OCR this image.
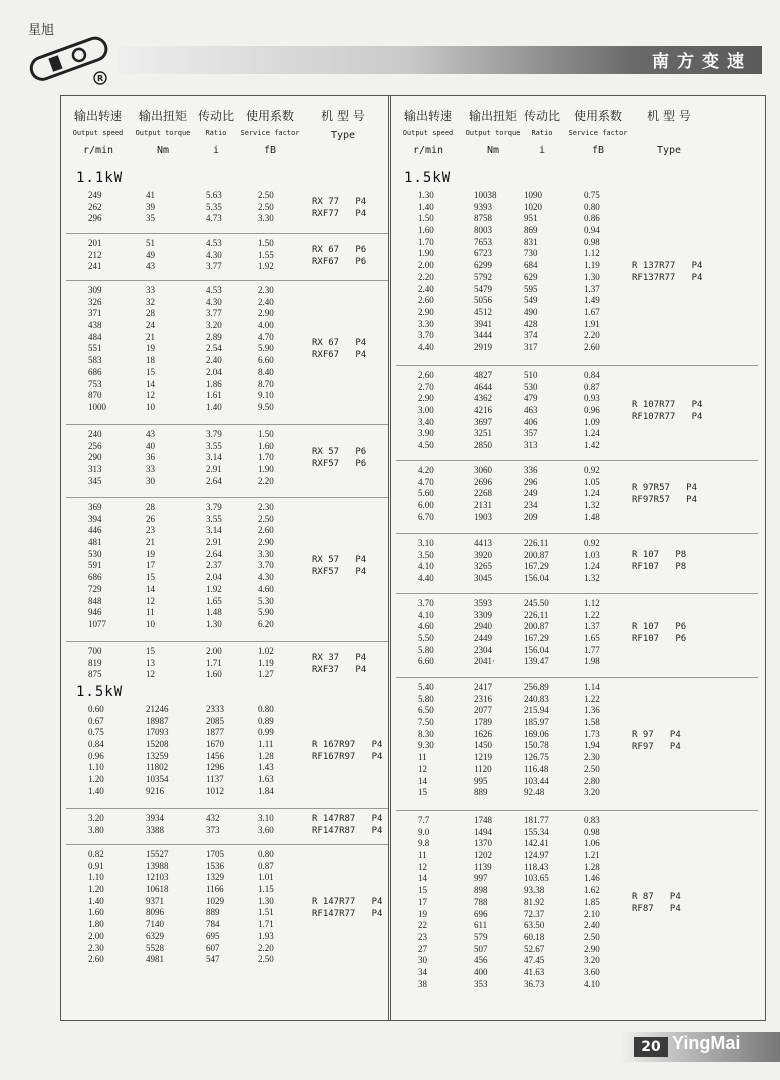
星旭
R
南方变速
输出转速
Output speed
r/min
输出扭矩
Output torque
Nm
传动比
Ratio
i
使用系数
Service factor
fB
机 型 号
Type
输出转速
Output speed
r/min
输出扭矩
Output torque
Nm
传动比
Ratio
i
使用系数
Service factor
fB
机 型 号

Type
1.1kW
1.5kW
1.5kW
249	41	5.63	2.50
262	39	5.35	2.50
296	35	4.73	3.30
RX 77   P4
RXF77   P4
201	51	4.53	1.50
212	49	4.30	1.55
241	43	3.77	1.92
RX 67   P6
RXF67   P6
309	33	4.53	2.30
326	32	4.30	2.40
371	28	3.77	2.90
438	24	3.20	4.00
484	21	2.89	4.70
551	19	2.54	5.90
583	18	2.40	6.60
686	15	2.04	8.40
753	14	1.86	8.70
870	12	1.61	9.10
1000	10	1.40	9.50
RX 67   P4
RXF67   P4
240	43	3.79	1.50
256	40	3.55	1.60
290	36	3.14	1.70
313	33	2.91	1.90
345	30	2.64	2.20
RX 57   P6
RXF57   P6
369	28	3.79	2.30
394	26	3.55	2.50
446	23	3.14	2.60
481	21	2.91	2.90
530	19	2.64	3.30
591	17	2.37	3.70
686	15	2.04	4.30
729	14	1.92	4.60
848	12	1.65	5.30
946	11	1.48	5.90
1077	10	1.30	6.20
RX 57   P4
RXF57   P4
700	15	2.00	1.02
819	13	1.71	1.19
875	12	1.60	1.27
RX 37   P4
RXF37   P4
0.60	21246	2333	0.80
0.67	18987	2085	0.89
0.75	17093	1877	0.99
0.84	15208	1670	1.11
0.96	13259	1456	1.28
1.10	11802	1296	1.43
1.20	10354	1137	1.63
1.40	9216	1012	1.84
R 167R97   P4
RF167R97   P4
3.20	3934	432	3.10
3.80	3388	373	3.60
R 147R87   P4
RF147R87   P4
0.82	15527	1705	0.80
0.91	13988	1536	0.87
1.10	12103	1329	1.01
1.20	10618	1166	1.15
1.40	9371	1029	1.30
1.60	8096	889	1.51
1.80	7140	784	1.71
2.00	6329	695	1.93
2.30	5528	607	2.20
2.60	4981	547	2.50
R 147R77   P4
RF147R77   P4
1.30	10038	1090	0.75
1.40	9393	1020	0.80
1.50	8758	951	0.86
1.60	8003	869	0.94
1.70	7653	831	0.98
1.90	6723	730	1.12
2.00	6299	684	1.19
2.20	5792	629	1.30
2.40	5479	595	1.37
2.60	5056	549	1.49
2.90	4512	490	1.67
3.30	3941	428	1.91
3.70	3444	374	2.20
4.40	2919	317	2.60
R 137R77   P4
RF137R77   P4
2.60	4827	510	0.84
2.70	4644	530	0.87
2.90	4362	479	0.93
3.00	4216	463	0.96
3.40	3697	406	1.09
3.90	3251	357	1.24
4.50	2850	313	1.42
R 107R77   P4
RF107R77   P4
4.20	3060	336	0.92
4.70	2696	296	1.05
5.60	2268	249	1.24
6.00	2131	234	1.32
6.70	1903	209	1.48
R 97R57   P4
RF97R57   P4
3.10	4413	226.11	0.92
3.50	3920	200.87	1.03
4.10	3265	167.29	1.24
4.40	3045	156.04	1.32
R 107   P8
RF107   P8
3.70	3593	245.50	1.12
4.10	3309	226.11	1.22
4.60	2940	200.87	1.37
5.50	2449	167.29	1.65
5.80	2304	156.04	1.77
6.60	2041·	139.47	1.98
R 107   P6
RF107   P6
5.40	2417	256.89	1.14
5.80	2316	240.83	1.22
6.50	2077	215.94	1.36
7.50	1789	185.97	1.58
8.30	1626	169.06	1.73
9.30	1450	150.78	1.94
11	1219	126.75	2.30
12	1120	116.48	2.50
14	995	103.44	2.80
15	889	92.48	3.20
R 97   P4
RF97   P4
7.7	1748	181.77	0.83
9.0	1494	155.34	0.98
9.8	1370	142.41	1.06
11	1202	124.97	1.21
12	1139	118.43	1.28
14	997	103.65	1.46
15	898	93.38	1.62
17	788	81.92	1.85
19	696	72.37	2.10
22	611	63.50	2.40
23	579	60.18	2.50
27	507	52.67	2.90
30	456	47.45	3.20
34	400	41.63	3.60
38	353	36.73	4.10
R 87   P4
RF87   P4
20 YingMai
